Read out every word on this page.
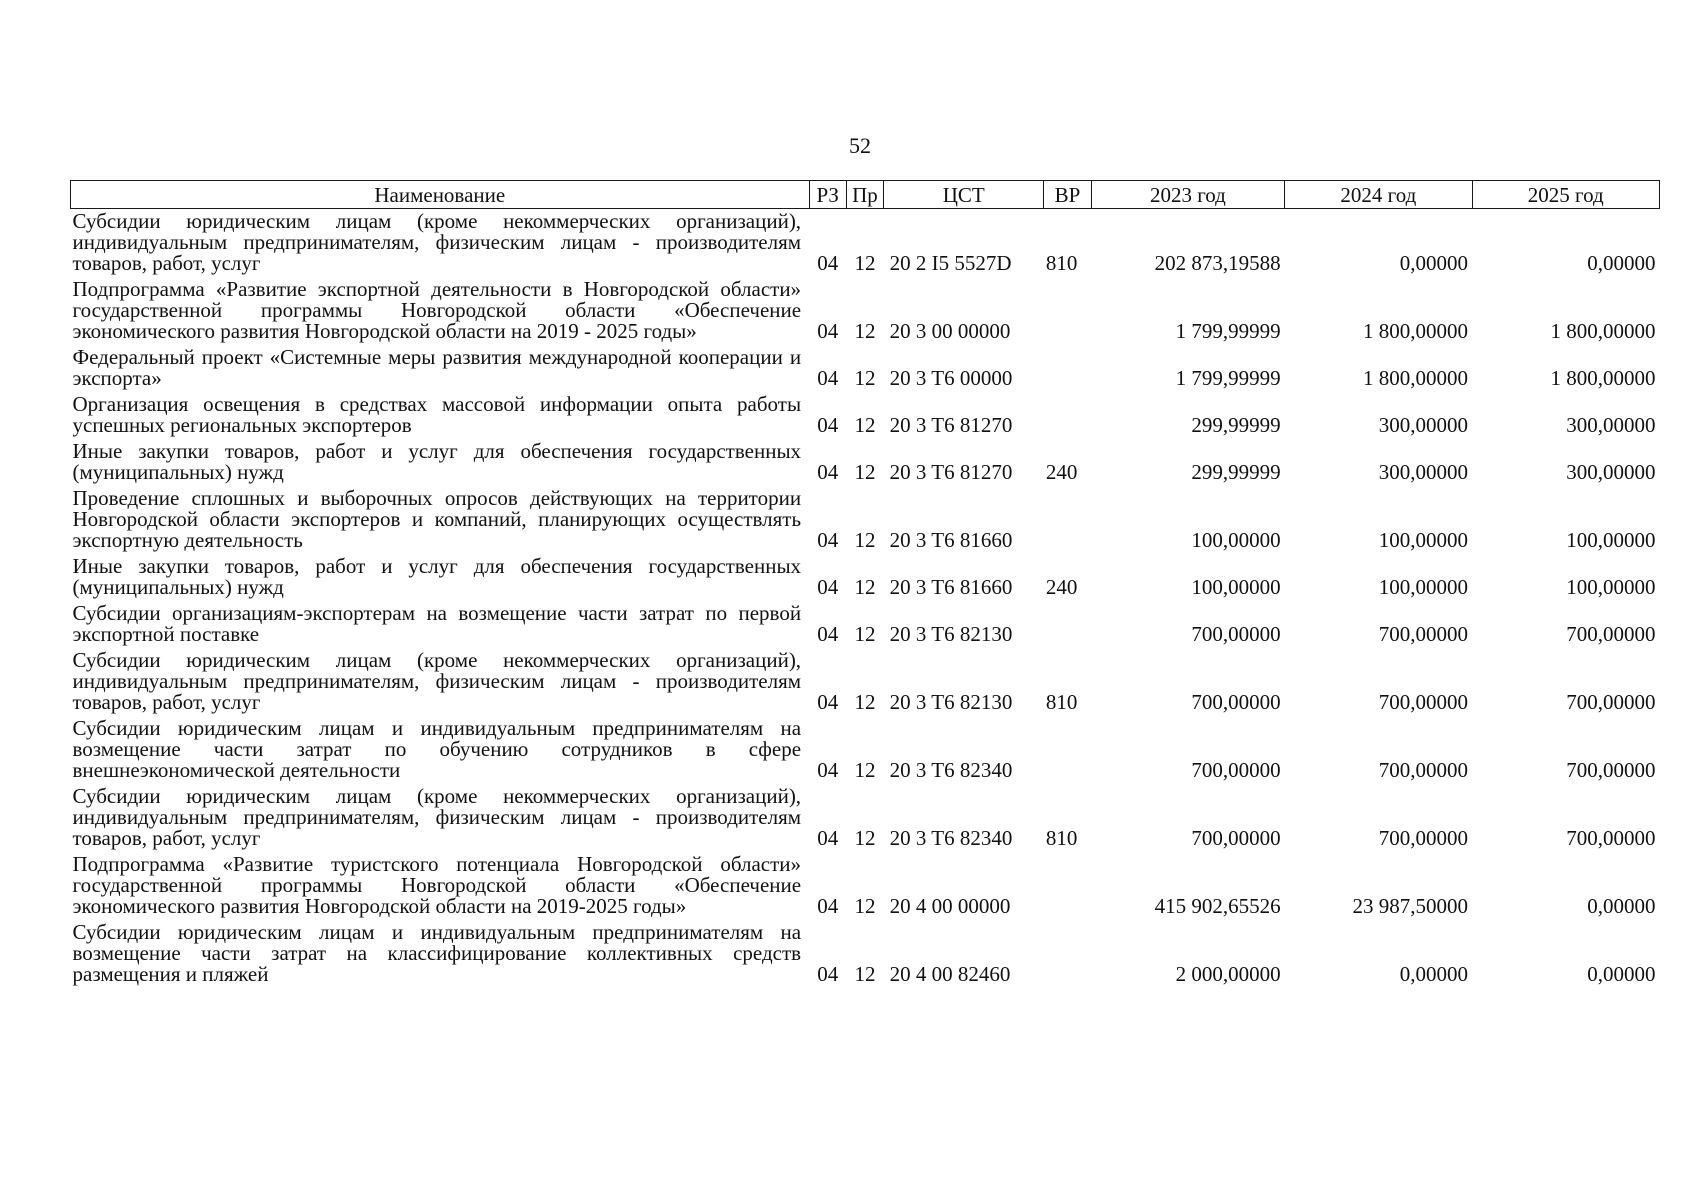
52
Наименование	РЗ	Пр	ЦСТ	ВР	2023 год	2024 год	2025 год
Субсидии юридическим лицам (кроме некоммерческих организаций), индивидуальным предпринимателям, физическим лицам - производителям товаров, работ, услуг	04	12	20 2 I5 5527D	810	202 873,19588	0,00000	0,00000
Подпрограмма «Развитие экспортной деятельности в Новгородской области» государственной программы Новгородской области «Обеспечение экономического развития Новгородской области на 2019 - 2025 годы»	04	12	20 3 00 00000		1 799,99999	1 800,00000	1 800,00000
Федеральный проект «Системные меры развития международной кооперации и экспорта»	04	12	20 3 T6 00000		1 799,99999	1 800,00000	1 800,00000
Организация освещения в средствах массовой информации опыта работы успешных региональных экспортеров	04	12	20 3 T6 81270		299,99999	300,00000	300,00000
Иные закупки товаров, работ и услуг для обеспечения государственных (муниципальных) нужд	04	12	20 3 T6 81270	240	299,99999	300,00000	300,00000
Проведение сплошных и выборочных опросов действующих на территории Новгородской области экспортеров и компаний, планирующих осуществлять экспортную деятельность	04	12	20 3 T6 81660		100,00000	100,00000	100,00000
Иные закупки товаров, работ и услуг для обеспечения государственных (муниципальных) нужд	04	12	20 3 T6 81660	240	100,00000	100,00000	100,00000
Субсидии организациям-экспортерам на возмещение части затрат по первой экспортной поставке	04	12	20 3 T6 82130		700,00000	700,00000	700,00000
Субсидии юридическим лицам (кроме некоммерческих организаций), индивидуальным предпринимателям, физическим лицам - производителям товаров, работ, услуг	04	12	20 3 T6 82130	810	700,00000	700,00000	700,00000
Субсидии юридическим лицам и индивидуальным предпринимателям на возмещение части затрат по обучению сотрудников в сфере внешнеэкономической деятельности	04	12	20 3 T6 82340		700,00000	700,00000	700,00000
Субсидии юридическим лицам (кроме некоммерческих организаций), индивидуальным предпринимателям, физическим лицам - производителям товаров, работ, услуг	04	12	20 3 T6 82340	810	700,00000	700,00000	700,00000
Подпрограмма «Развитие туристского потенциала Новгородской области» государственной программы Новгородской области «Обеспечение экономического развития Новгородской области на 2019-2025 годы»	04	12	20 4 00 00000		415 902,65526	23 987,50000	0,00000
Субсидии юридическим лицам и индивидуальным предпринимателям на возмещение части затрат на классифицирование коллективных средств размещения и пляжей	04	12	20 4 00 82460		2 000,00000	0,00000	0,00000
